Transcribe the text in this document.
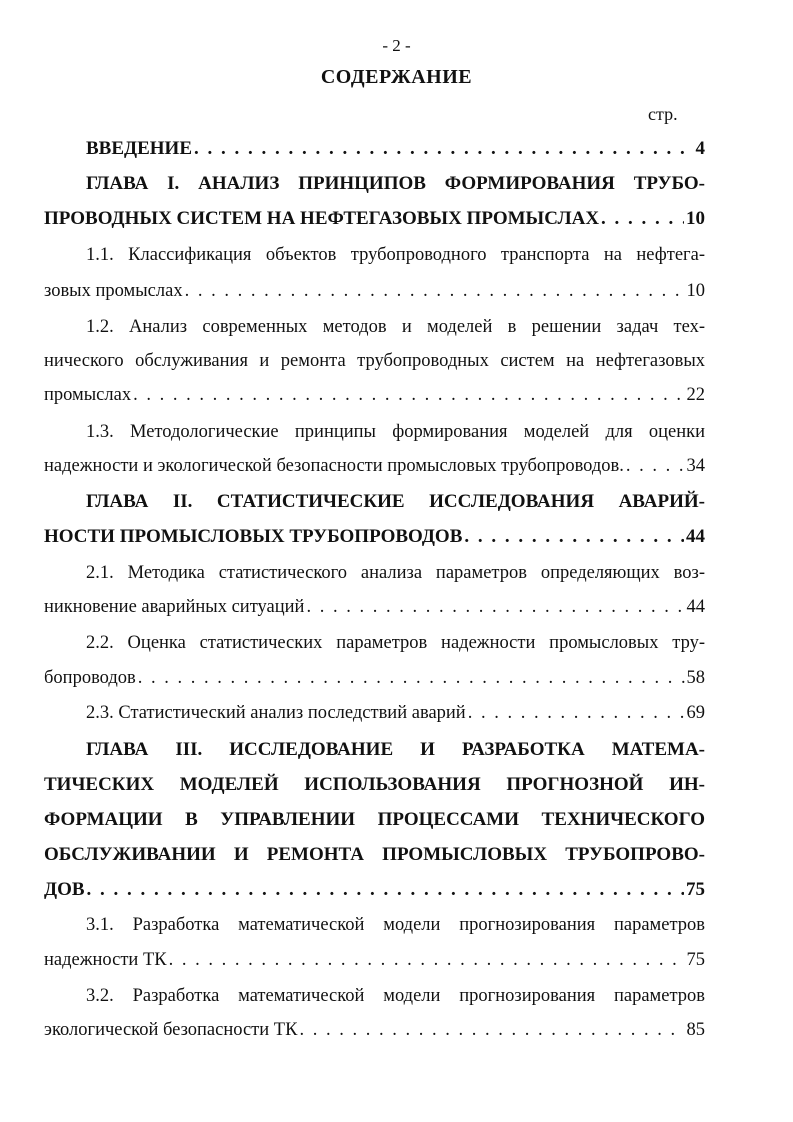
- 2 -
СОДЕРЖАНИЕ
стр.
ВВЕДЕНИЕ . . .	4
ГЛАВА I. АНАЛИЗ ПРИНЦИПОВ ФОРМИРОВАНИЯ ТРУБО-
ПРОВОДНЫХ СИСТЕМ НА НЕФТЕГАЗОВЫХ ПРОМЫСЛАХ . . .	10
1.1. Классификация объектов трубопроводного транспорта на нефтега-
зовых промыслах . . .	10
1.2. Анализ современных методов и моделей в решении задач тех-
нического обслуживания и ремонта трубопроводных систем на нефтегазовых
промыслах . . .	22
1.3. Методологические принципы формирования моделей для оценки
надежности и экологической безопасности промысловых трубопроводов. . . .	34
ГЛАВА II. СТАТИСТИЧЕСКИЕ ИССЛЕДОВАНИЯ АВАРИЙ-
НОСТИ ПРОМЫСЛОВЫХ ТРУБОПРОВОДОВ . . .	44
2.1. Методика статистического анализа параметров определяющих воз-
никновение аварийных ситуаций . . .	44
2.2. Оценка статистических параметров надежности промысловых тру-
бопроводов . . .	58
2.3. Статистический анализ последствий аварий . . .	69
ГЛАВА III. ИССЛЕДОВАНИЕ И РАЗРАБОТКА МАТЕМА-
ТИЧЕСКИХ МОДЕЛЕЙ ИСПОЛЬЗОВАНИЯ ПРОГНОЗНОЙ ИН-
ФОРМАЦИИ В УПРАВЛЕНИИ ПРОЦЕССАМИ ТЕХНИЧЕСКОГО
ОБСЛУЖИВАНИИ И РЕМОНТА ПРОМЫСЛОВЫХ ТРУБОПРОВО-
ДОВ . . .	75
3.1. Разработка математической модели прогнозирования параметров
надежности ТК . . .	75
3.2. Разработка математической модели прогнозирования параметров
экологической безопасности ТК . . .	85
